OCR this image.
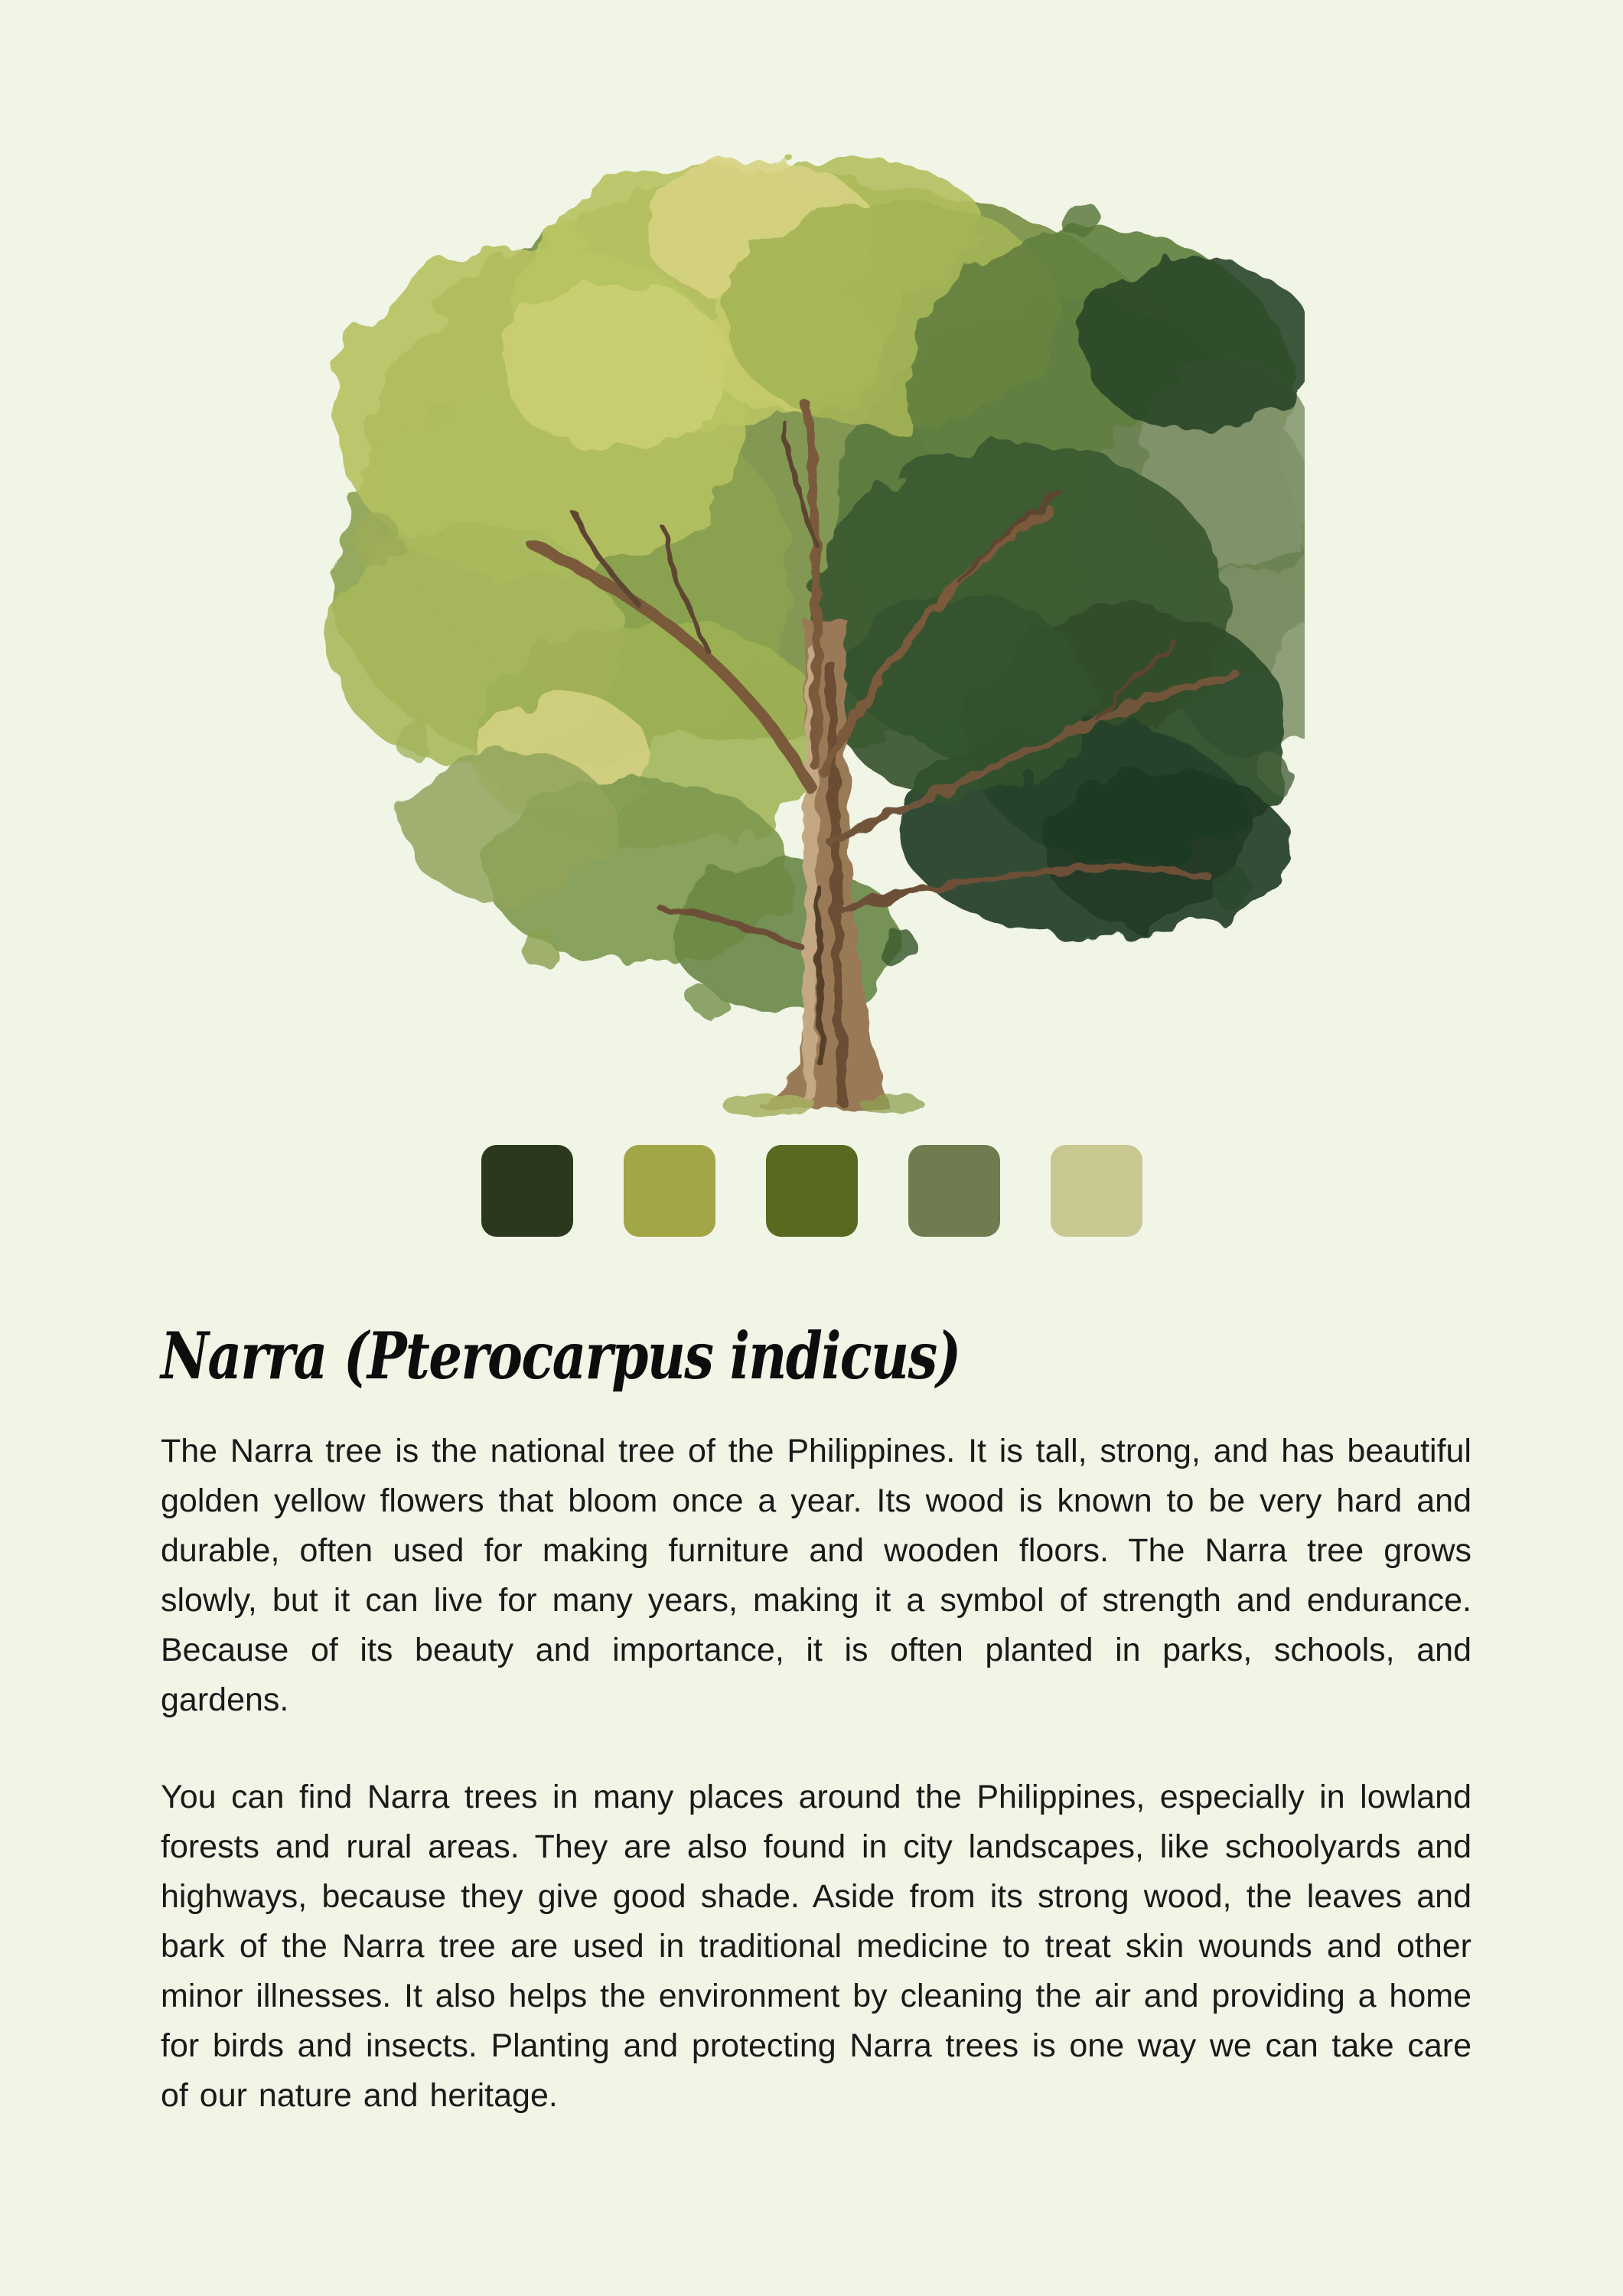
Narra (Pterocarpus indicus)

The Narra tree is the national tree of the Philippines. It is tall, strong, and has beautiful golden yellow flowers that bloom once a year. Its wood is known to be very hard and durable, often used for making furniture and wooden floors. The Narra tree grows slowly, but it can live for many years, making it a symbol of strength and endurance. Because of its beauty and importance, it is often planted in parks, schools, and gardens.

You can find Narra trees in many places around the Philippines, especially in lowland forests and rural areas. They are also found in city landscapes, like schoolyards and highways, because they give good shade. Aside from its strong wood, the leaves and bark of the Narra tree are used in traditional medicine to treat skin wounds and other minor illnesses. It also helps the environment by cleaning the air and providing a home for birds and insects. Planting and protecting Narra trees is one way we can take care of our nature and heritage.
